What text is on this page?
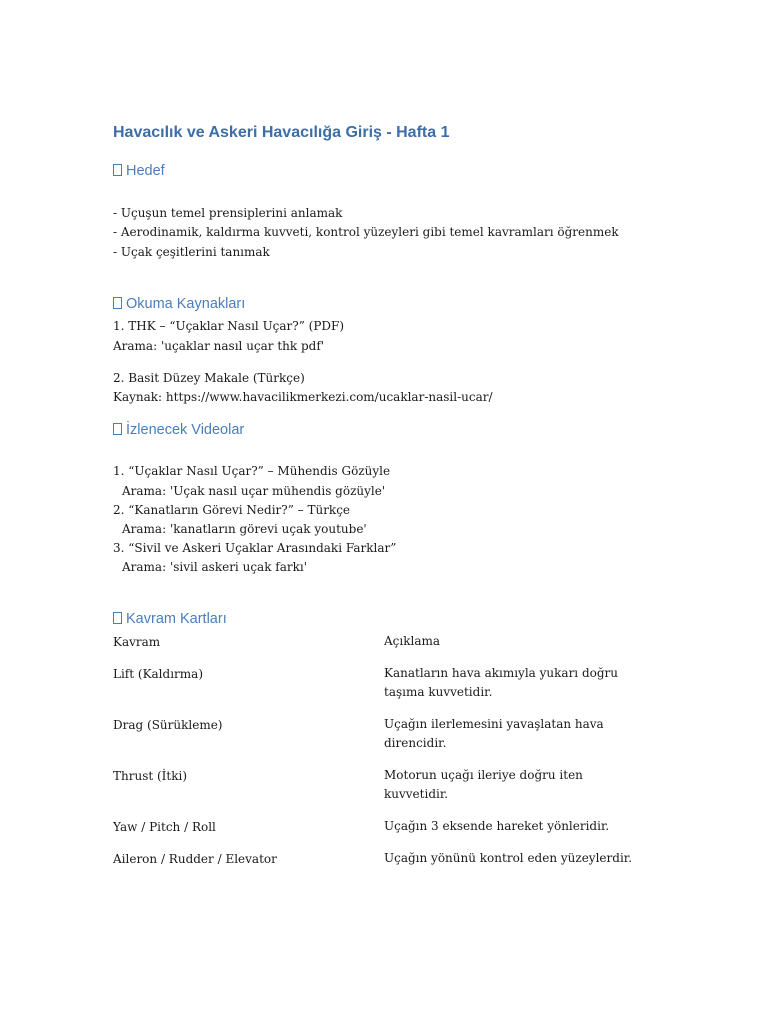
Havacılık ve Askeri Havacılığa Giriş - Hafta 1
Hedef
- Uçuşun temel prensiplerini anlamak
- Aerodinamik, kaldırma kuvveti, kontrol yüzeyleri gibi temel kavramları öğrenmek
- Uçak çeşitlerini tanımak
Okuma Kaynakları
1. THK – “Uçaklar Nasıl Uçar?” (PDF)
Arama: 'uçaklar nasıl uçar thk pdf'
2. Basit Düzey Makale (Türkçe)
Kaynak: https://www.havacilikmerkezi.com/ucaklar-nasil-ucar/
İzlenecek Videolar
1. “Uçaklar Nasıl Uçar?” – Mühendis Gözüyle
Arama: 'Uçak nasıl uçar mühendis gözüyle'
2. “Kanatların Görevi Nedir?” – Türkçe
Arama: 'kanatların görevi uçak youtube'
3. “Sivil ve Askeri Uçaklar Arasındaki Farklar”
Arama: 'sivil askeri uçak farkı'
Kavram Kartları
Kavram	Açıklama
Lift (Kaldırma)	Kanatların hava akımıyla yukarı doğru taşıma kuvvetidir.
Drag (Sürükleme)	Uçağın ilerlemesini yavaşlatan hava direncidir.
Thrust (İtki)	Motorun uçağı ileriye doğru iten kuvvetidir.
Yaw / Pitch / Roll	Uçağın 3 eksende hareket yönleridir.
Aileron / Rudder / Elevator	Uçağın yönünü kontrol eden yüzeylerdir.
